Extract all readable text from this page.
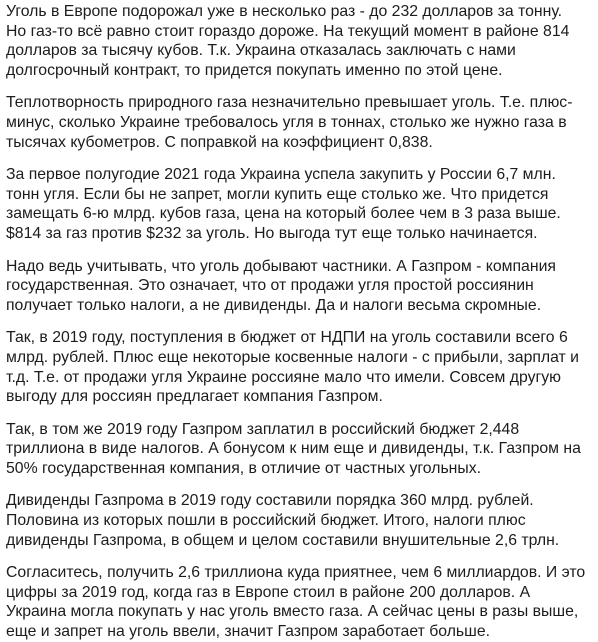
Уголь в Европе подорожал уже в несколько раз - до 232 долларов за тонну.
Но газ-то всё равно стоит гораздо дороже. На текущий момент в районе 814
долларов за тысячу кубов. Т.к. Украина отказалась заключать с нами
долгосрочный контракт, то придется покупать именно по этой цене.
Теплотворность природного газа незначительно превышает уголь. Т.е. плюс-
минус, сколько Украине требовалось угля в тоннах, столько же нужно газа в
тысячах кубометров. С поправкой на коэффициент 0,838.
За первое полугодие 2021 года Украина успела закупить у России 6,7 млн.
тонн угля. Если бы не запрет, могли купить еще столько же. Что придется
замещать 6-ю млрд. кубов газа, цена на который более чем в 3 раза выше.
$814 за газ против $232 за уголь. Но выгода тут еще только начинается.
Надо ведь учитывать, что уголь добывают частники. А Газпром - компания
государственная. Это означает, что от продажи угля простой россиянин
получает только налоги, а не дивиденды. Да и налоги весьма скромные.
Так, в 2019 году, поступления в бюджет от НДПИ на уголь составили всего 6
млрд. рублей. Плюс еще некоторые косвенные налоги - с прибыли, зарплат и
т.д. Т.е. от продажи угля Украине россияне мало что имели. Совсем другую
выгоду для россиян предлагает компания Газпром.
Так, в том же 2019 году Газпром заплатил в российский бюджет 2,448
триллиона в виде налогов. А бонусом к ним еще и дивиденды, т.к. Газпром на
50% государственная компания, в отличие от частных угольных.
Дивиденды Газпрома в 2019 году составили порядка 360 млрд. рублей.
Половина из которых пошли в российский бюджет. Итого, налоги плюс
дивиденды Газпрома, в общем и целом составили внушительные 2,6 трлн.
Согласитесь, получить 2,6 триллиона куда приятнее, чем 6 миллиардов. И это
цифры за 2019 год, когда газ в Европе стоил в районе 200 долларов. А
Украина могла покупать у нас уголь вместо газа. А сейчас цены в разы выше,
еще и запрет на уголь ввели, значит Газпром заработает больше.
